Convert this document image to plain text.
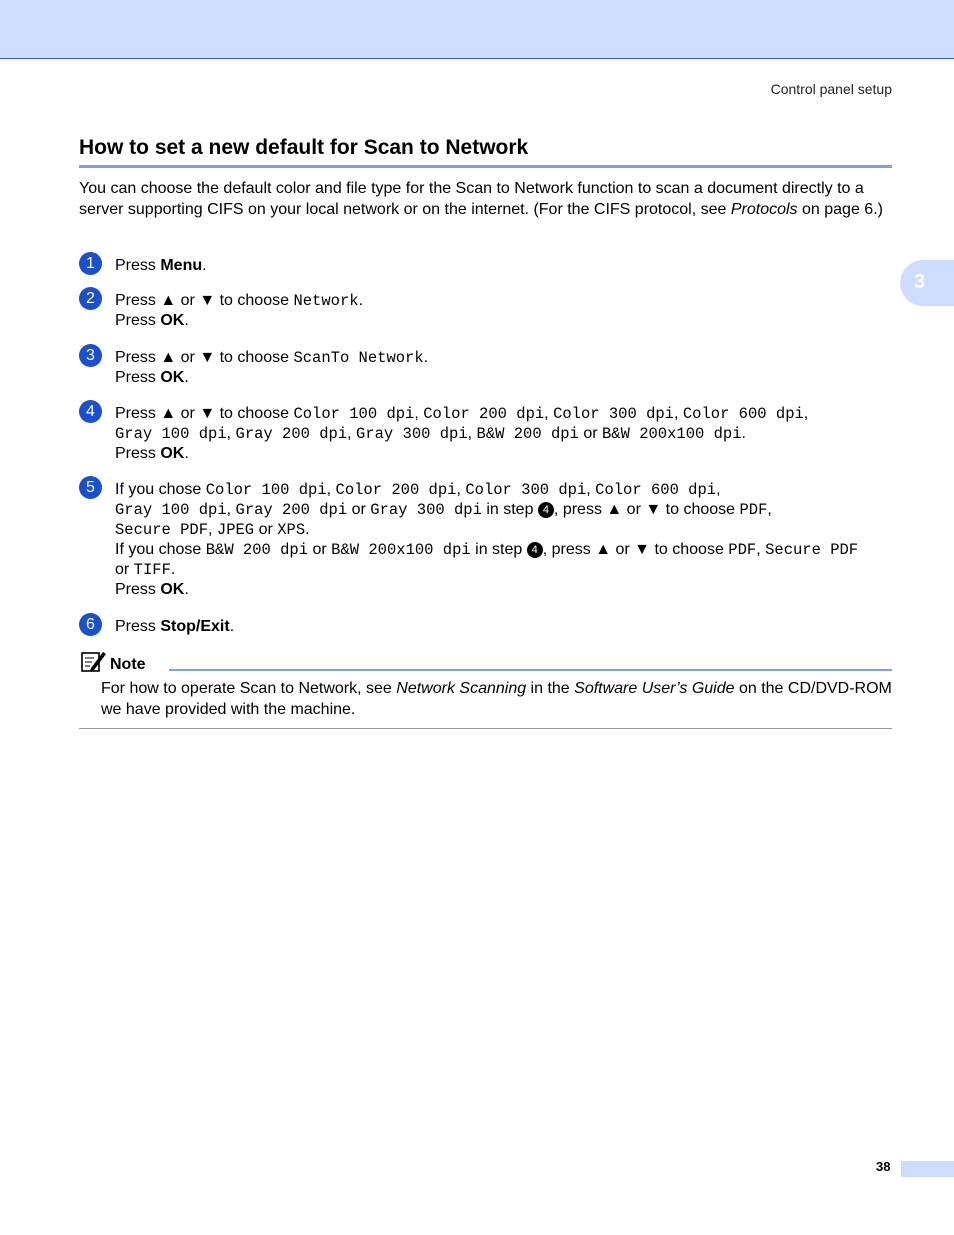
Control panel setup
3
How to set a new default for Scan to Network
You can choose the default color and file type for the Scan to Network function to scan a document directly to a server supporting CIFS on your local network or on the internet. (For the CIFS protocol, see Protocols on page 6.)
1	Press Menu.
2	Press ▲ or ▼ to choose Network.
Press OK.
3	Press ▲ or ▼ to choose ScanTo Network.
Press OK.
4	Press ▲ or ▼ to choose Color 100 dpi, Color 200 dpi, Color 300 dpi, Color 600 dpi,
Gray 100 dpi, Gray 200 dpi, Gray 300 dpi, B&W 200 dpi or B&W 200x100 dpi.
Press OK.
5	If you chose Color 100 dpi, Color 200 dpi, Color 300 dpi, Color 600 dpi,
Gray 100 dpi, Gray 200 dpi or Gray 300 dpi in step 4 , press ▲ or ▼ to choose PDF,
Secure PDF, JPEG or XPS.
If you chose B&W 200 dpi or B&W 200x100 dpi in step 4 , press ▲ or ▼ to choose PDF, Secure PDF
or TIFF.
Press OK.
6	Press Stop/Exit.
Note
For how to operate Scan to Network, see Network Scanning in the Software User’s Guide on the CD/DVD-ROM we have provided with the machine.
38
